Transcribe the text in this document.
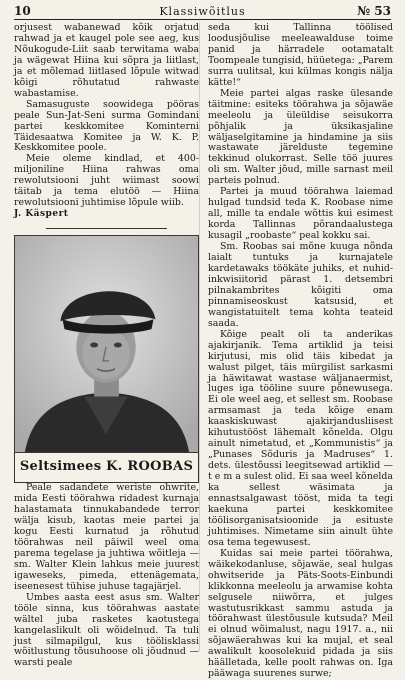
10	Klassiwõitlus	№ 53

orjusest wabanewad kõik orjatud rahwad ja et kaugel pole see aeg, kus Nõukogude-Liit saab terwitama waba ja wägewat Hiina kui sõpra ja liitlast, ja et mõlemad liitlased lõpule witwad kõigi rõhutatud rahwaste wabastamise.

Samasuguste soowidega pööras peale Sun-Jat-Seni surma Gomindani partei keskkomitee Kominterni Täidesaatwa Komitee ja W. K. P. Keskkomitee poole.

Meie oleme kindlad, et 400-miljoniline Hiina rahwas oma rewolutsiooni juht wiimast soowi täitab ja tema elutöö — Hiina rewolutsiooni juhtimise lõpule wiib.

J. Käspert

Seltsimees K. ROOBAS

Peale sadandete weriste ohwrite, mida Eesti töörahwa ridadest kurnaja halastamata tinnukabandede terror wälja kisub, kaotas meie partei ja kogu Eesti kurnatud ja rõhutud töörahwas neil päiwil weel oma parema tegelase ja juhtiwa wõitleja — sm. Walter Klein lahkus meie juurest igaweseks, pimeda, ettenägemata, iseenesest tühise juhuse tagajärjel.

Umbes aasta eest asus sm. Walter tööle sinna, kus töörahwas aastate wältel juba rasketes kaotustega kangelaslikult oli wõidelnud. Ta tuli just silmapilgul, kus töölisklassi wõitlustung tõusuhoose oli jõudnud — warsti peale

seda kui Tallinna töölised loodusjõulise meeleawalduse toime panid ja härradele ootamatalt Toompeale tungisid, hüüetega: „Parem surra uulitsal, kui külmas kongis nälja kätte!“

Meie partei algas raske ülesande täitmine: esiteks töörahwa ja sõjawäe meeleolu ja üleüldise seisukorra põhjalik ja üksikasjaline wäljaselgitamine ja hindamine ja siis wastawate järelduste tegemine tekkinud olukorrast. Selle töö juures oli sm. Walter jõud, mille sarnast meil parteis polnud.

Partei ja muud töörahwa laiemad hulgad tundsid teda K. Roobase nime all, mille ta endale wõttis kui esimest korda Tallinnas põrandaalustega kusagil „roobaste“ peal kokku sai.

Sm. Roobas sai mõne kuuga nõnda laialt tuntuks ja kurnajatele kardetawaks töökäte juhiks, et nuhid-inkwisiitorid pärast 1. detsembri pilnakambrites kõigiti oma pinnamiseoskust katsusid, et wangistatuitelt tema kohta teateid saada.

Kõige pealt oli ta anderikas ajakirjanik. Tema artiklid ja teisi kirjutusi, mis olid täis kibedat ja walust pilget, täis mürgilist sarkasmi ja häwitawat wastase wäljanaermist, luges iga tööline suure põnewusega. Ei ole weel aeg, et sellest sm. Roobase armsamast ja teda kõige enam kaaskiskuwast ajakirjandusliisest kihutustööst lähemalt kõnelda. Olgu ainult nimetatud, et „Kommunistis“ ja „Punases Sõduris ja Madruses“ 1. dets. ülestõussi leegitsewad artiklid — t e m a sulest olid. Ei saa weel kõnelda ka sellest wäsimata ja ennastsalgawast tööst, mida ta tegi kaekuna partei keskkomitee töölisorganisatsioonide ja esituste juhtimises. Nimetame siin ainult ühte osa tema tegewusest.

Kuidas sai meie partei töörahwa, wäikekodanluse, sõjawäe, seal hulgas ohwitseride ja Päts-Soots-Einbundi klikkonna meeleolu ja arwamise kohta selgusele niiwõrra, et julges wastutusrikkast sammu astuda ja töörahwast ülestõusule kutsuda? Meil ei olnud wõimalust, nagu 1917. a., nii sõjawäerahwas kui ka mujal, et seal awalikult koosolekuid pidada ja siis häälletada, kelle poolt rahwas on. Iga pääwaga suurenes surwe;
